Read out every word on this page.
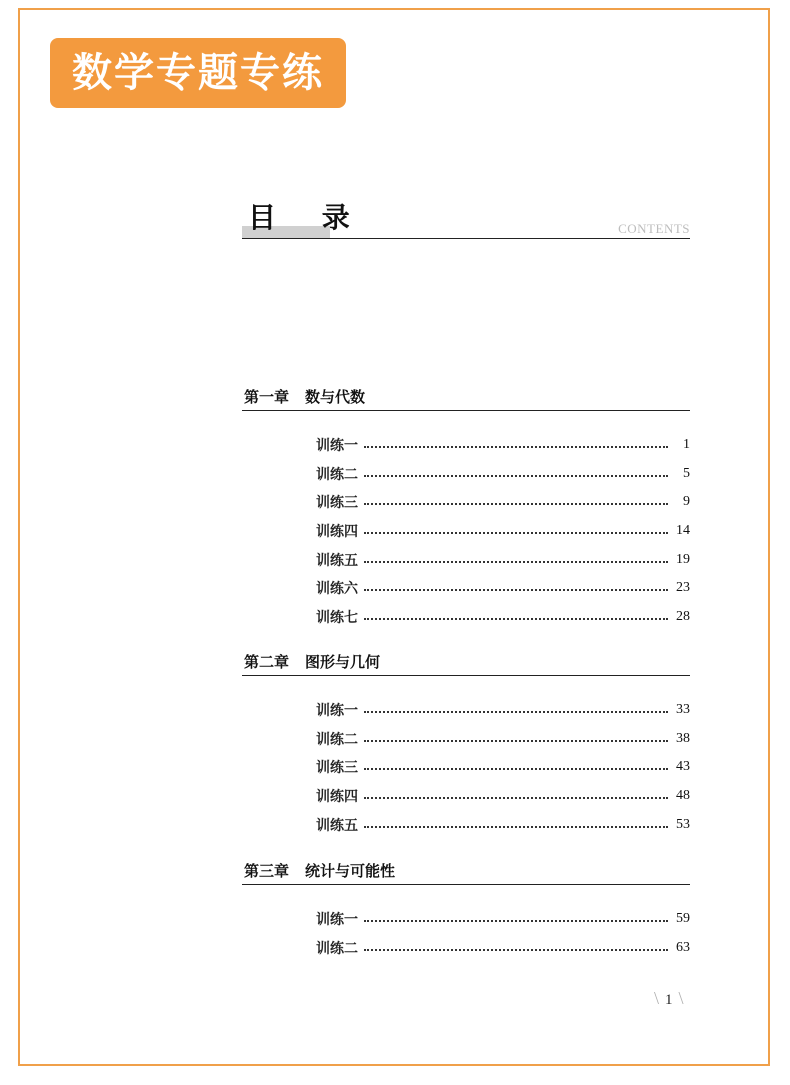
数学专题专练
目 录	CONTENTS
第一章 数与代数
训练一	1
训练二	5
训练三	9
训练四	14
训练五	19
训练六	23
训练七	28
第二章 图形与几何
训练一	33
训练二	38
训练三	43
训练四	48
训练五	53
第三章 统计与可能性
训练一	59
训练二	63
\ 1 \
